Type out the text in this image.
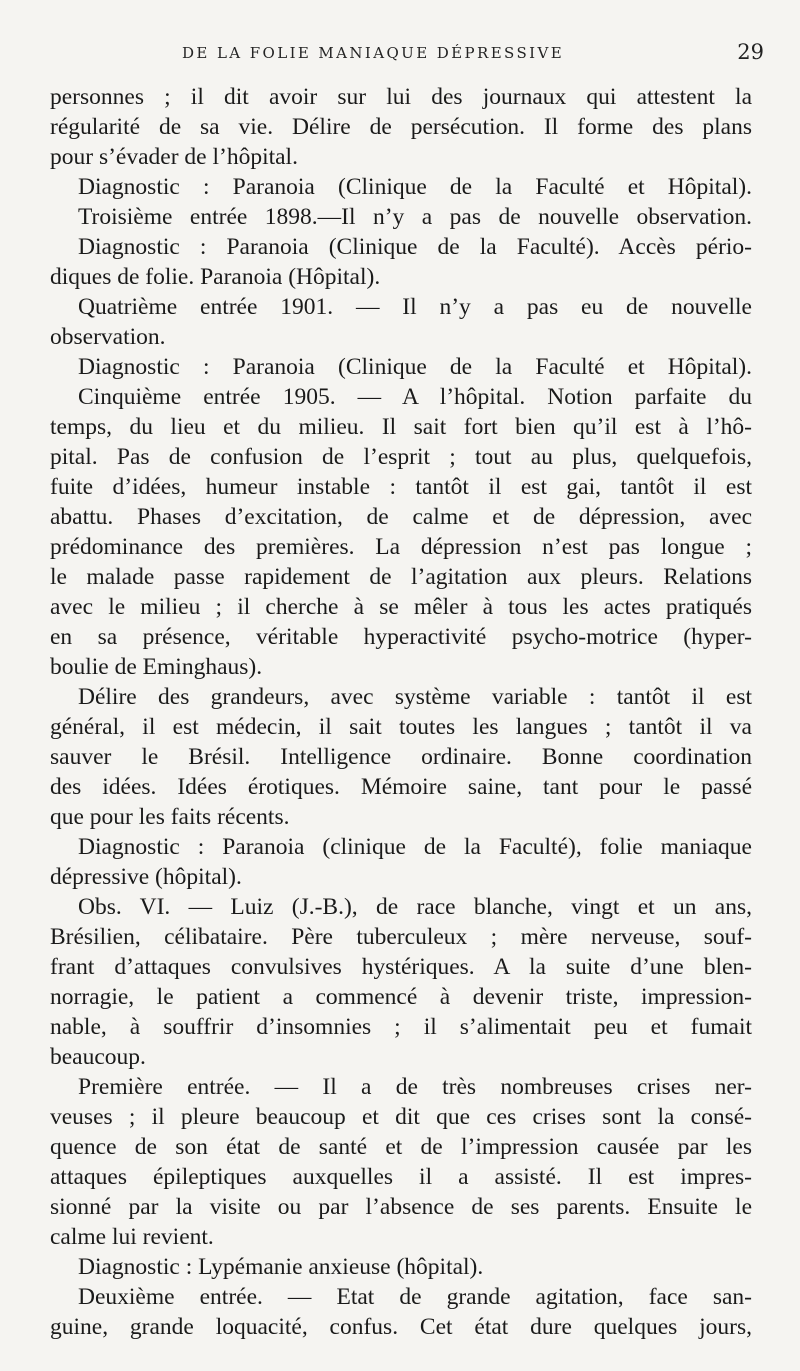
DE LA FOLIE MANIAQUE DÉPRESSIVE	29
personnes ; il dit avoir sur lui des journaux qui attestent la
régularité de sa vie. Délire de persécution. Il forme des plans
pour s’évader de l’hôpital.
Diagnostic : Paranoia (Clinique de la Faculté et Hôpital).
Troisième entrée 1898.—Il n’y a pas de nouvelle observation.
Diagnostic : Paranoia (Clinique de la Faculté). Accès pério-
diques de folie. Paranoia (Hôpital).
Quatrième entrée 1901. — Il n’y a pas eu de nouvelle
observation.
Diagnostic : Paranoia (Clinique de la Faculté et Hôpital).
Cinquième entrée 1905. — A l’hôpital. Notion parfaite du
temps, du lieu et du milieu. Il sait fort bien qu’il est à l’hô-
pital. Pas de confusion de l’esprit ; tout au plus, quelquefois,
fuite d’idées, humeur instable : tantôt il est gai, tantôt il est
abattu. Phases d’excitation, de calme et de dépression, avec
prédominance des premières. La dépression n’est pas longue ;
le malade passe rapidement de l’agitation aux pleurs. Relations
avec le milieu ; il cherche à se mêler à tous les actes pratiqués
en sa présence, véritable hyperactivité psycho-motrice (hyper-
boulie de Eminghaus).
Délire des grandeurs, avec système variable : tantôt il est
général, il est médecin, il sait toutes les langues ; tantôt il va
sauver le Brésil. Intelligence ordinaire. Bonne coordination
des idées. Idées érotiques. Mémoire saine, tant pour le passé
que pour les faits récents.
Diagnostic : Paranoia (clinique de la Faculté), folie maniaque
dépressive (hôpital).
Obs. VI. — Luiz (J.-B.), de race blanche, vingt et un ans,
Brésilien, célibataire. Père tuberculeux ; mère nerveuse, souf-
frant d’attaques convulsives hystériques. A la suite d’une blen-
norragie, le patient a commencé à devenir triste, impression-
nable, à souffrir d’insomnies ; il s’alimentait peu et fumait
beaucoup.
Première entrée. — Il a de très nombreuses crises ner-
veuses ; il pleure beaucoup et dit que ces crises sont la consé-
quence de son état de santé et de l’impression causée par les
attaques épileptiques auxquelles il a assisté. Il est impres-
sionné par la visite ou par l’absence de ses parents. Ensuite le
calme lui revient.
Diagnostic : Lypémanie anxieuse (hôpital).
Deuxième entrée. — Etat de grande agitation, face san-
guine, grande loquacité, confus. Cet état dure quelques jours,
